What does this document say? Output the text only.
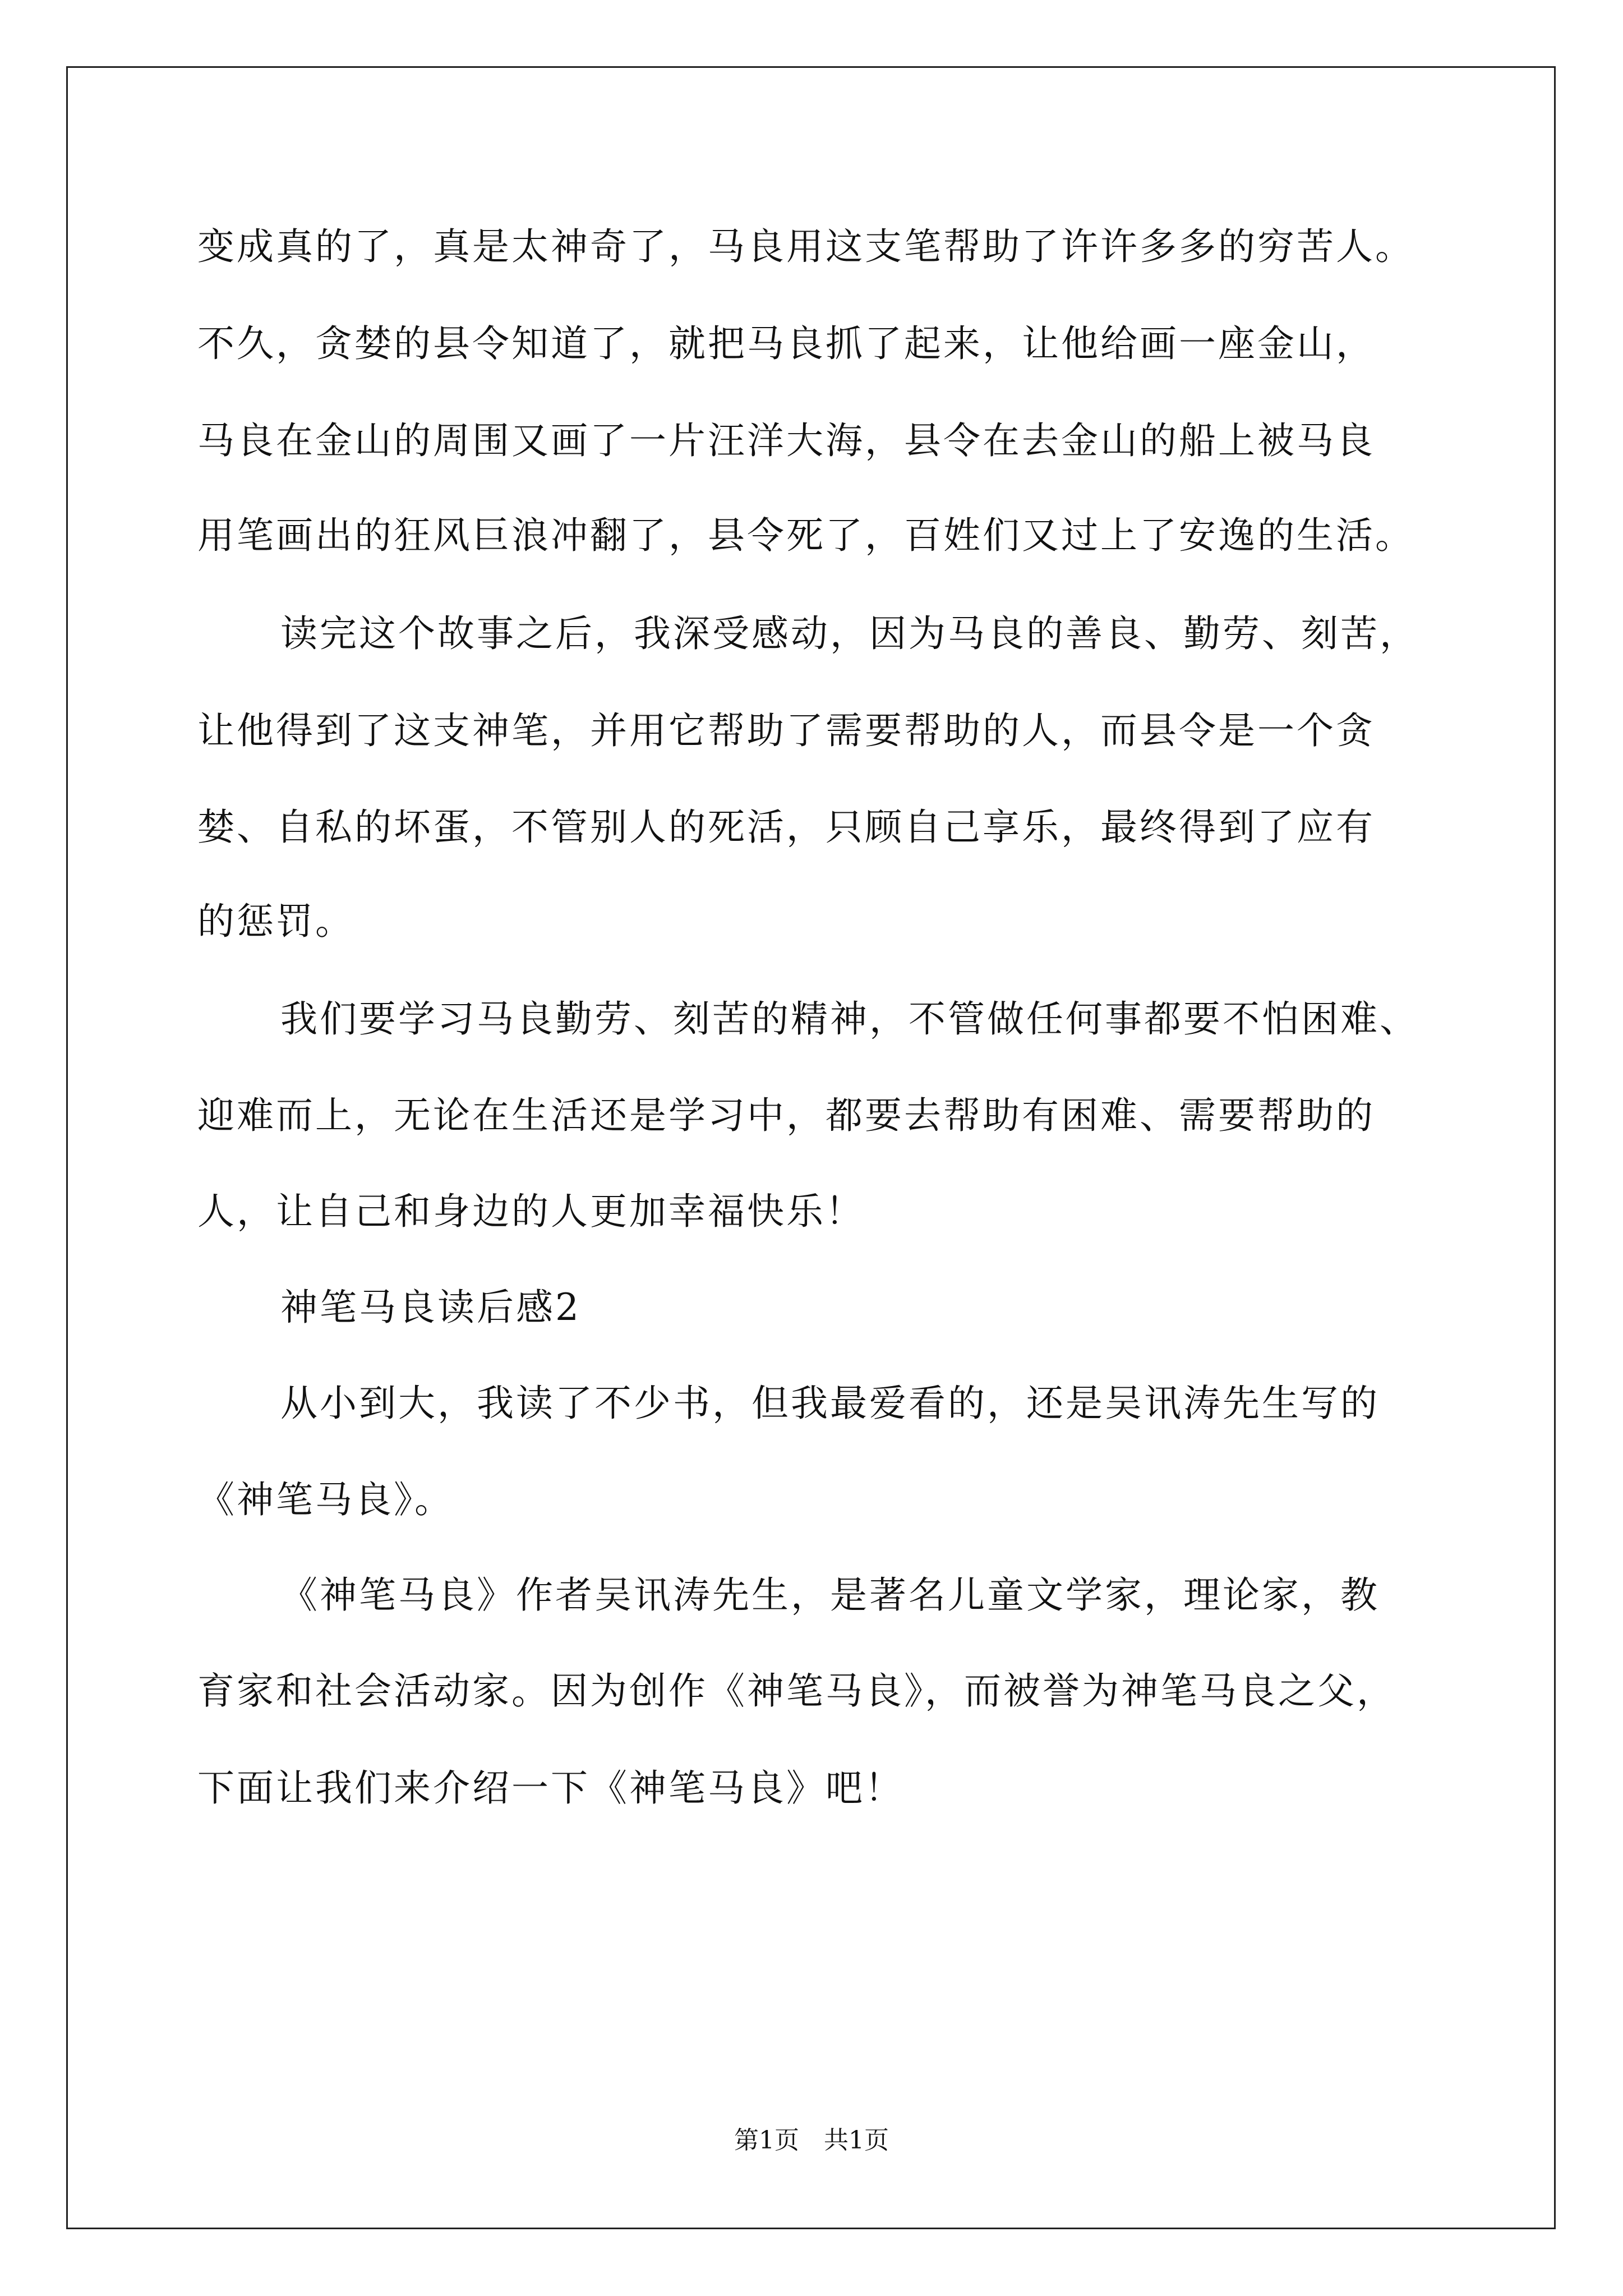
变成真的了，真是太神奇了，马良用这支笔帮助了许许多多的穷苦人。
不久，贪婪的县令知道了，就把马良抓了起来，让他给画一座金山，
马良在金山的周围又画了一片汪洋大海，县令在去金山的船上被马良
用笔画出的狂风巨浪冲翻了，县令死了，百姓们又过上了安逸的生活。
读完这个故事之后，我深受感动，因为马良的善良、勤劳、刻苦，
让他得到了这支神笔，并用它帮助了需要帮助的人，而县令是一个贪
婪、自私的坏蛋，不管别人的死活，只顾自己享乐，最终得到了应有
的惩罚。
我们要学习马良勤劳、刻苦的精神，不管做任何事都要不怕困难、
迎难而上，无论在生活还是学习中，都要去帮助有困难、需要帮助的
人，让自己和身边的人更加幸福快乐！
神笔马良读后感2
从小到大，我读了不少书，但我最爱看的，还是吴讯涛先生写的
《神笔马良》。
《神笔马良》作者吴讯涛先生，是著名儿童文学家，理论家，教
育家和社会活动家。因为创作《神笔马良》，而被誉为神笔马良之父，
下面让我们来介绍一下《神笔马良》吧！
第1页　共1页
